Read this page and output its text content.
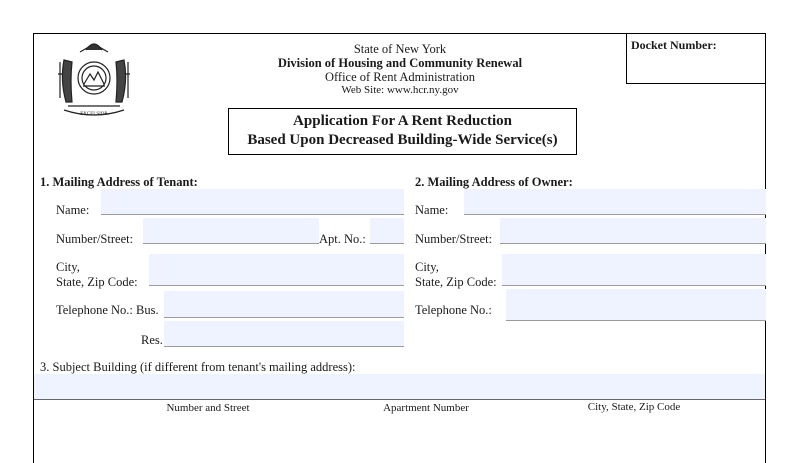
EXCELSIOR
State of New York
Division of Housing and Community Renewal
Office of Rent Administration
Web Site: www.hcr.ny.gov
Docket Number:
Application For A Rent Reduction
Based Upon Decreased Building-Wide Service(s)
1. Mailing Address of Tenant:
Name:
Number/Street:	Apt. No.:
City,
State, Zip Code:
Telephone No.: Bus.
Res.
2. Mailing Address of Owner:
Name:
Number/Street:
City,
State, Zip Code:
Telephone No.:
3. Subject Building (if different from tenant's mailing address):
Number and Street	Apartment Number	City, State, Zip Code
